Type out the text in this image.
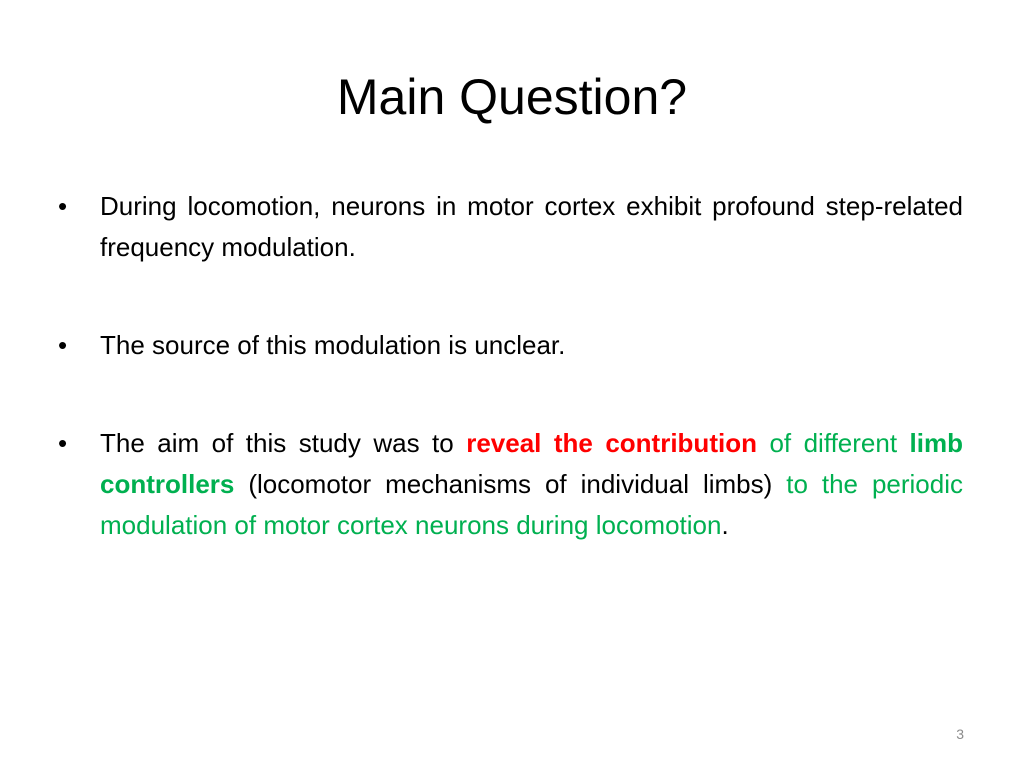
Main Question?
•	During locomotion, neurons in motor cortex exhibit profound step-related frequency modulation.
•	The source of this modulation is unclear.
•	The aim of this study was to reveal the contribution of different limb controllers (locomotor mechanisms of individual limbs) to the periodic modulation of motor cortex neurons during locomotion.
3
